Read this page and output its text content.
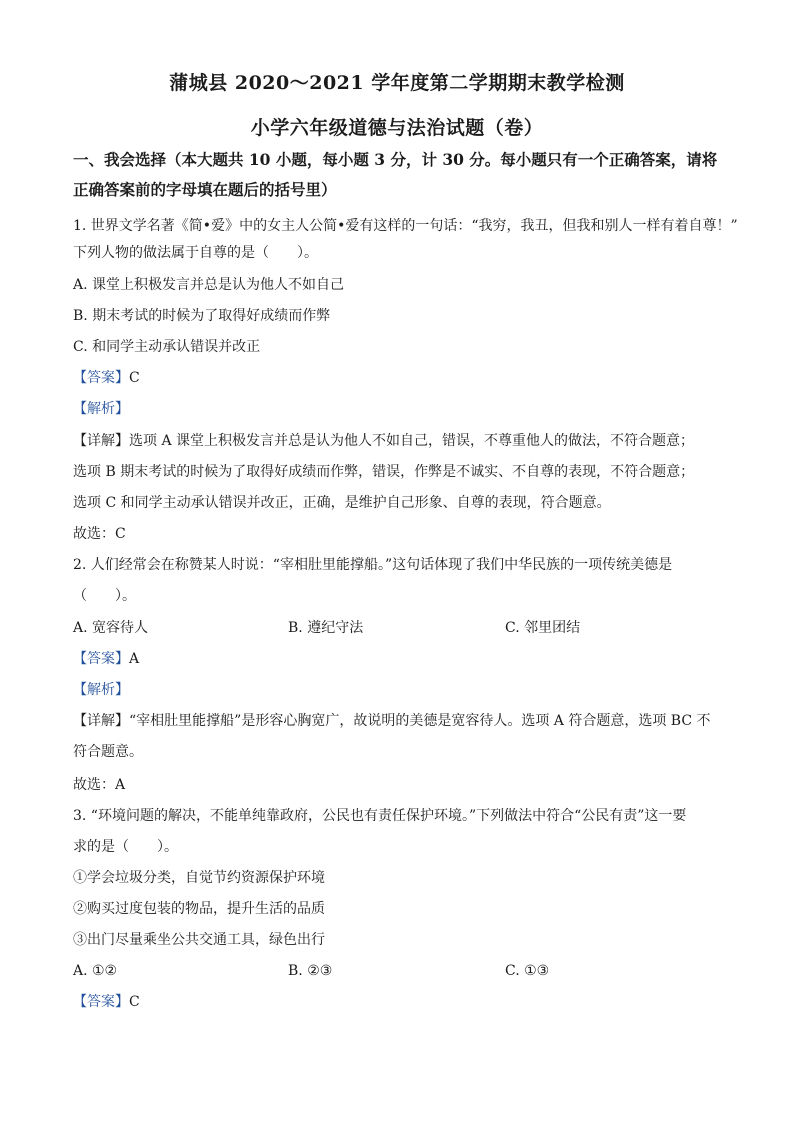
蒲城县 2020～2021 学年度第二学期期末教学检测
小学六年级道德与法治试题（卷）
一、我会选择（本大题共 10 小题，每小题 3 分，计 30 分。每小题只有一个正确答案，请将
正确答案前的字母填在题后的括号里）
1. 世界文学名著《简•爱》中的女主人公简•爱有这样的一句话：“我穷，我丑，但我和别人一样有着自尊！”
下列人物的做法属于自尊的是（　　）。
A. 课堂上积极发言并总是认为他人不如自己
B. 期末考试的时候为了取得好成绩而作弊
C. 和同学主动承认错误并改正
【答案】C
【解析】
【详解】选项 A 课堂上积极发言并总是认为他人不如自己，错误，不尊重他人的做法，不符合题意；
选项 B 期末考试的时候为了取得好成绩而作弊，错误，作弊是不诚实、不自尊的表现，不符合题意；
选项 C 和同学主动承认错误并改正，正确，是维护自己形象、自尊的表现，符合题意。
故选：C
2. 人们经常会在称赞某人时说：“宰相肚里能撑船。”这句话体现了我们中华民族的一项传统美德是
（　　）。
A. 宽容待人	B. 遵纪守法	C. 邻里团结
【答案】A
【解析】
【详解】“宰相肚里能撑船”是形容心胸宽广，故说明的美德是宽容待人。选项 A 符合题意，选项 BC 不
符合题意。
故选：A
3. “环境问题的解决，不能单纯靠政府，公民也有责任保护环境。”下列做法中符合“公民有责”这一要
求的是（　　）。
①学会垃圾分类，自觉节约资源保护环境
②购买过度包装的物品，提升生活的品质
③出门尽量乘坐公共交通工具，绿色出行
A. ①②	B. ②③	C. ①③
【答案】C
